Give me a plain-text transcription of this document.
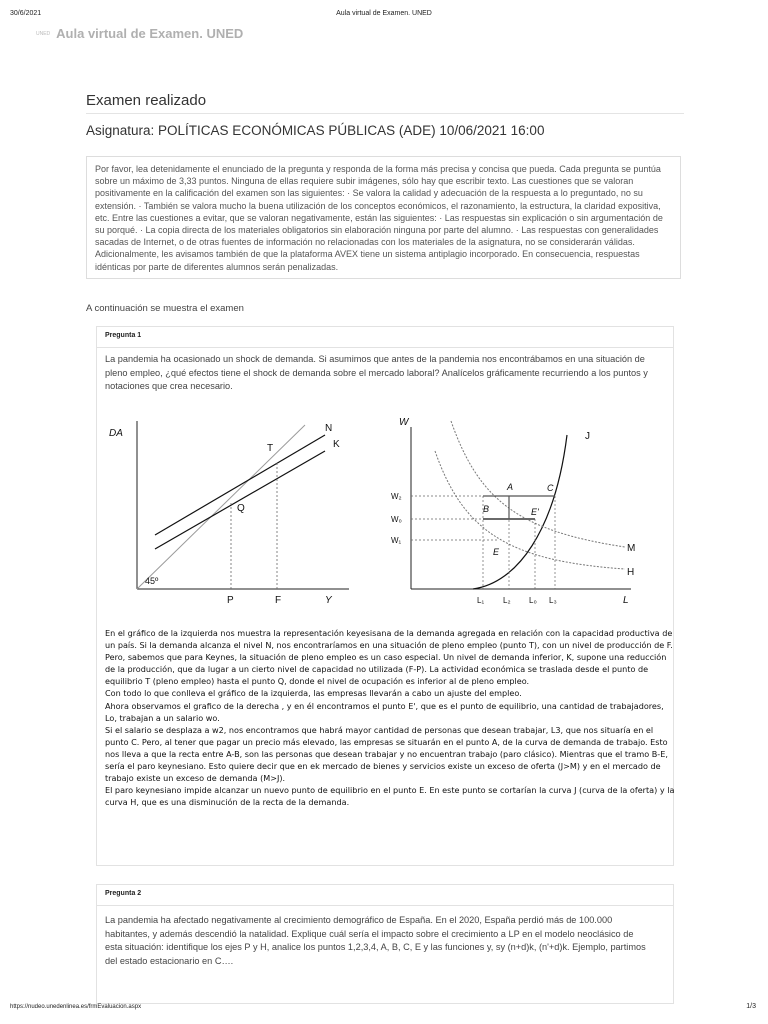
30/6/2021	Aula virtual de Examen. UNED
UNED Aula virtual de Examen. UNED
Examen realizado
Asignatura: POLÍTICAS ECONÓMICAS PÚBLICAS (ADE) 10/06/2021 16:00
Por favor, lea detenidamente el enunciado de la pregunta y responda de la forma más precisa y concisa que pueda. Cada pregunta se puntúa sobre un máximo de 3,33 puntos. Ninguna de ellas requiere subir imágenes, sólo hay que escribir texto. Las cuestiones que se valoran positivamente en la calificación del examen son las siguientes: · Se valora la calidad y adecuación de la respuesta a lo preguntado, no su extensión. · También se valora mucho la buena utilización de los conceptos económicos, el razonamiento, la estructura, la claridad expositiva, etc. Entre las cuestiones a evitar, que se valoran negativamente, están las siguientes: · Las respuestas sin explicación o sin argumentación de su porqué. · La copia directa de los materiales obligatorios sin elaboración ninguna por parte del alumno. · Las respuestas con generalidades sacadas de Internet, o de otras fuentes de información no relacionadas con los materiales de la asignatura, no se considerarán válidas. Adicionalmente, les avisamos también de que la plataforma AVEX tiene un sistema antiplagio incorporado. En consecuencia, respuestas idénticas por parte de diferentes alumnos serán penalizadas.
A continuación se muestra el examen
Pregunta 1
La pandemia ha ocasionado un shock de demanda. Si asumimos que antes de la pandemia nos encontrábamos en una situación de pleno empleo, ¿qué efectos tiene el shock de demanda sobre el mercado laboral? Analícelos gráficamente recurriendo a los puntos y notaciones que crea necesario.
DA
Y
45º
N
K
T
Q
P	F
W
L
J
M
H
A	C
B	E'
E
W₂
W₀
W₁
L₁ L₂ L₀ L₃

En el gráfico de la izquierda nos muestra la representación keyesisana de la demanda agregada en relación con la capacidad productiva de un país. Si la demanda alcanza el nivel N, nos encontraríamos en una situación de pleno empleo (punto T), con un nivel de producción de F. Pero, sabemos que para Keynes, la situación de pleno empleo es un caso especial. Un nivel de demanda inferior, K, supone una reducción de la producción, que da lugar a un cierto nivel de capacidad no utilizada (F-P). La actividad económica se traslada desde el punto de equilibrio T (pleno empleo) hasta el punto Q, donde el nivel de ocupación es inferior al de pleno empleo.

Con todo lo que conlleva el gráfico de la izquierda, las empresas llevarán a cabo un ajuste del empleo.

Ahora observamos el grafico de la derecha , y en él encontramos el punto E', que es el punto de equilibrio, una cantidad de trabajadores, Lo, trabajan a un salario wo.

Si el salario se desplaza a w2, nos encontramos que habrá mayor cantidad de personas que desean trabajar, L3, que nos situaría en el punto C. Pero, al tener que pagar un precio más elevado, las empresas se situarán en el punto A, de la curva de demanda de trabajo. Esto nos lleva a que la recta entre A-B, son las personas que desean trabajar y no encuentran trabajo (paro clásico). Mientras que el tramo B-E, sería el paro keynesiano. Esto quiere decir que en ek mercado de bienes y servicios existe un exceso de oferta (J>M) y en el mercado de trabajo existe un exceso de demanda (M>J).

El paro keynesiano impide alcanzar un nuevo punto de equilibrio en el punto E. En este punto se cortarían la curva J (curva de la oferta) y la curva H, que es una disminución de la recta de la demanda.

Pregunta 2
La pandemia ha afectado negativamente al crecimiento demográfico de España. En el 2020, España perdió más de 100.000 habitantes, y además descendió la natalidad. Explique cuál sería el impacto sobre el crecimiento a LP en el modelo neoclásico de esta situación: identifique los ejes P y H, analice los puntos 1,2,3,4, A, B, C, E y las funciones y, sy (n+d)k, (n'+d)k. Ejemplo, partimos del estado estacionario en C….
https://nudeo.unedenlinea.es/frmEvaluacion.aspx	1/3
